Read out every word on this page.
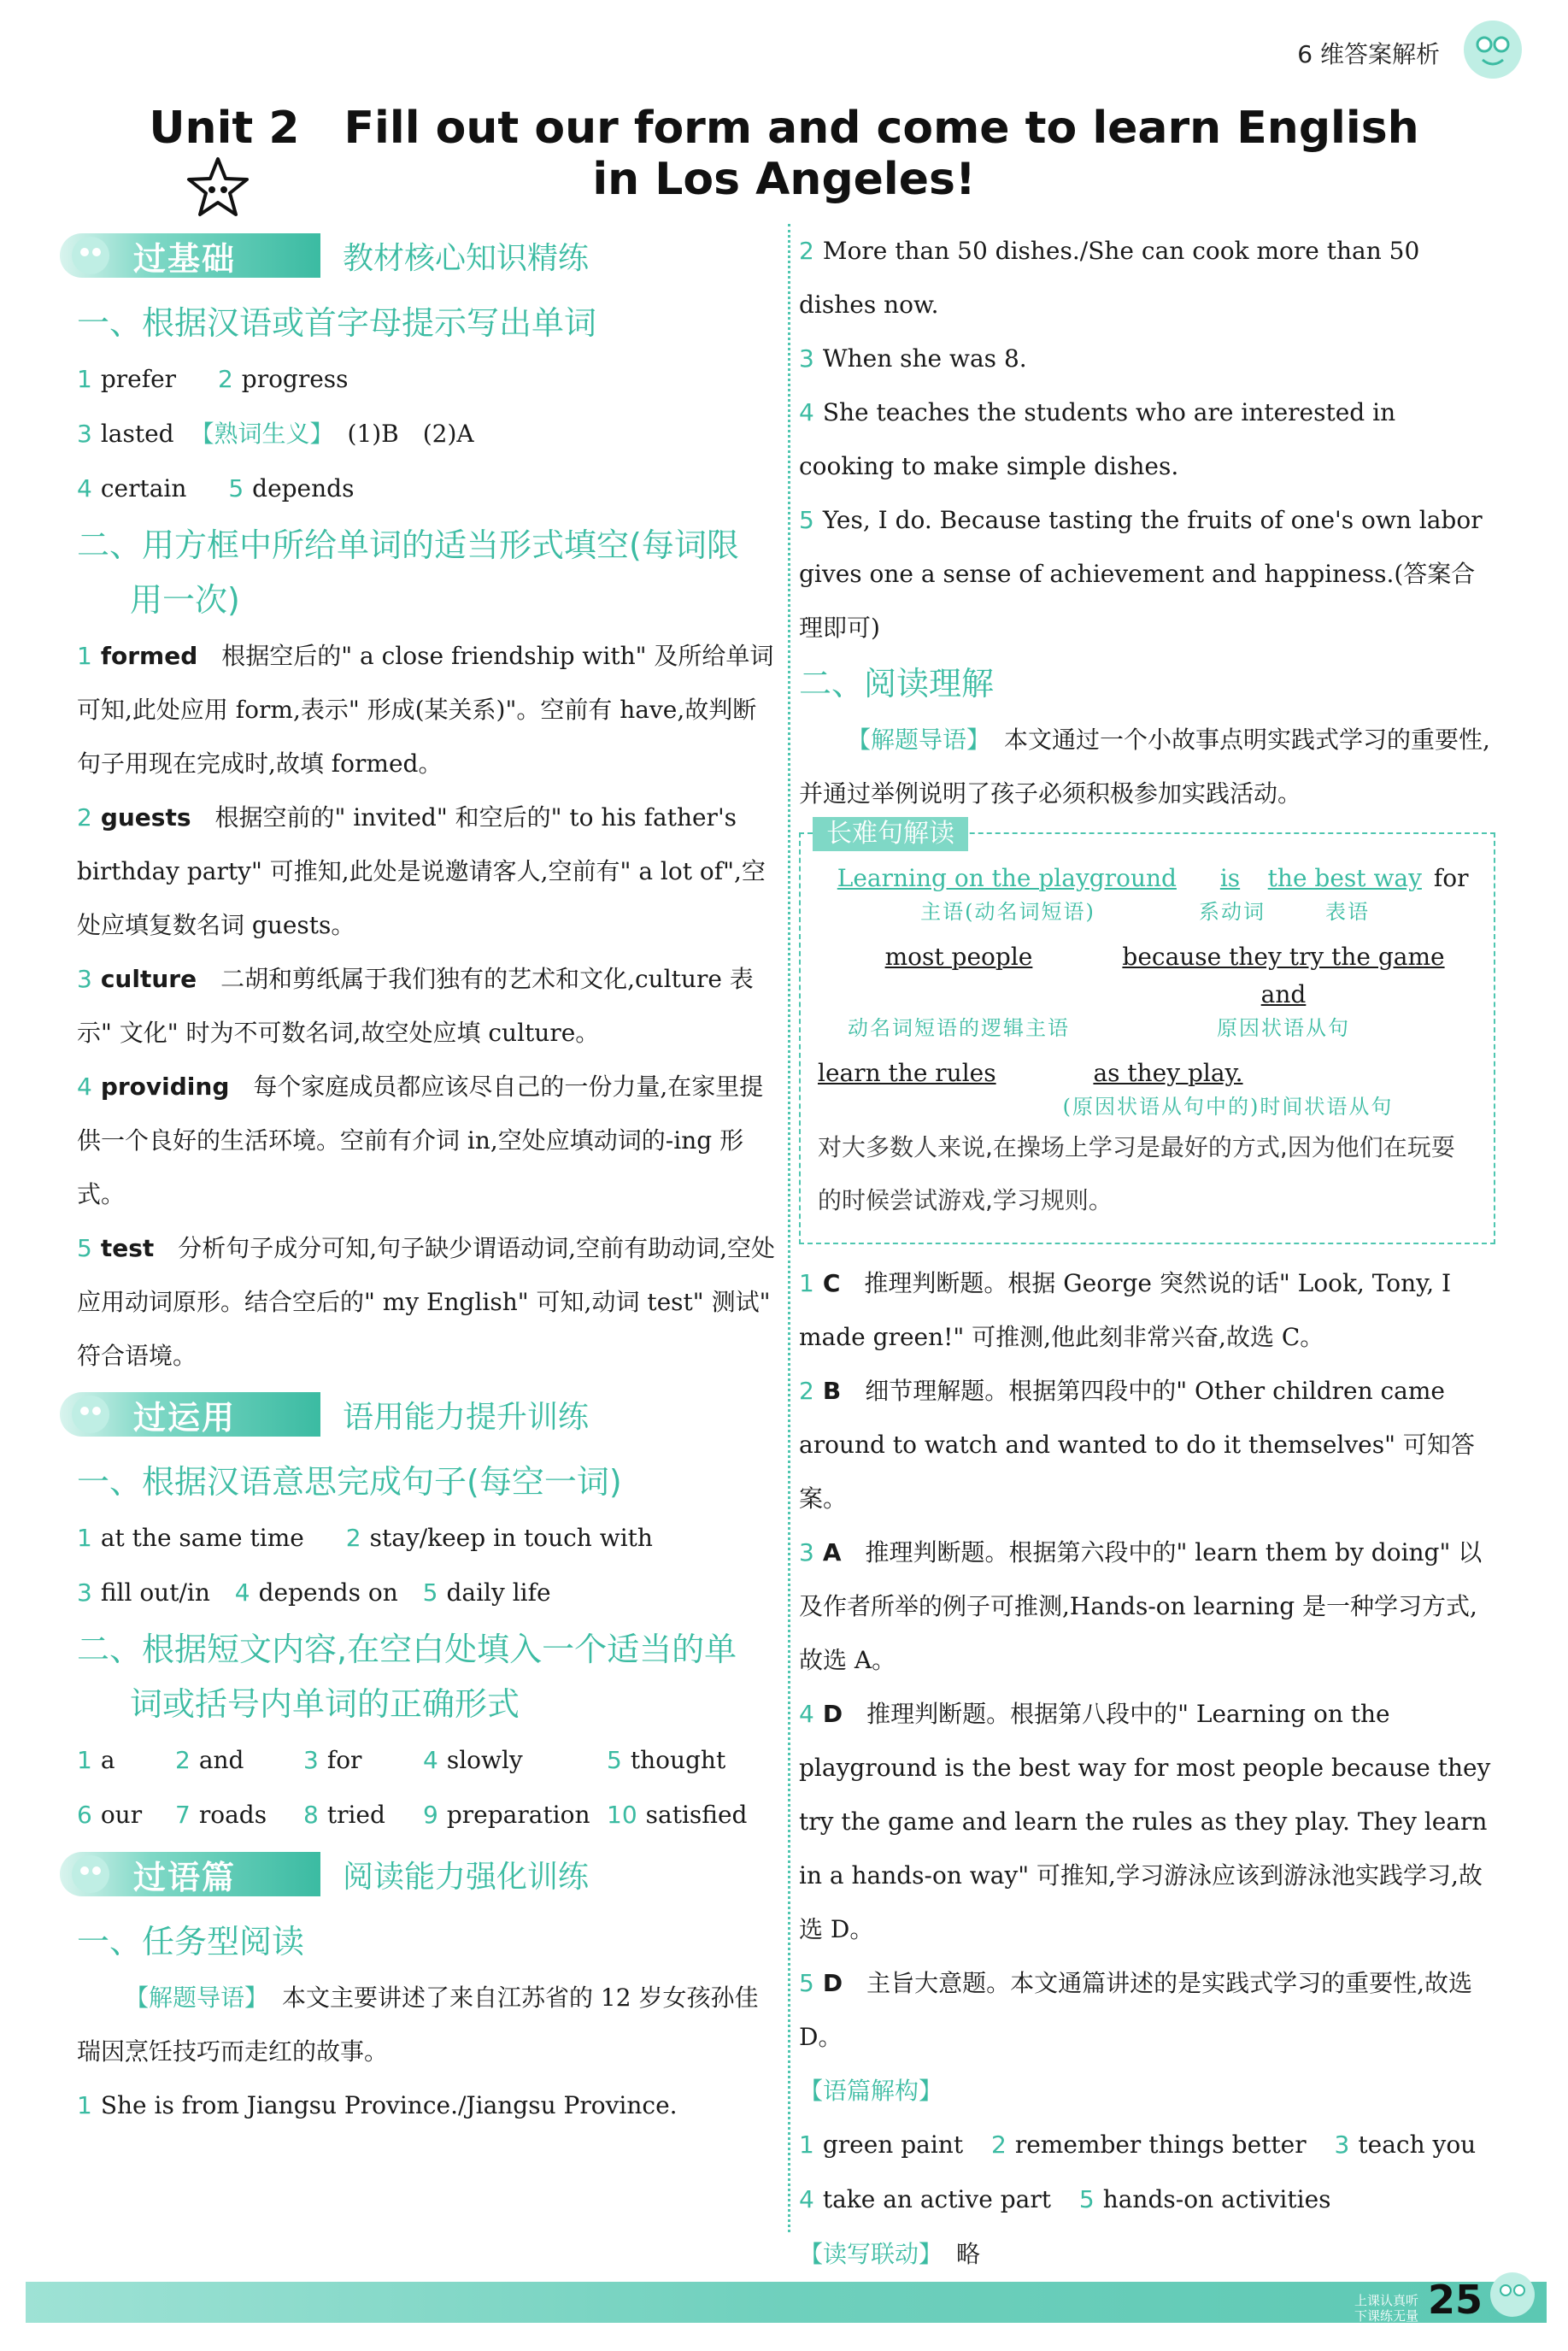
6 维答案解析
Unit 2　Fill out our form and come to learn English
in Los Angeles!
过基础	教材核心知识精练
一、根据汉语或首字母提示写出单词
1 prefer 2 progress
3 lasted 【熟词生义】 (1)B　(2)A
4 certain 5 depends
二、用方框中所给单词的适当形式填空(每词限
用一次)
1 formed　 根据空后的" a close friendship with" 及所给单词可知,此处应用 form,表示" 形成(某关系)"。空前有 have,故判断句子用现在完成时,故填 formed。
2 guests　 根据空前的" invited" 和空后的" to his father's birthday party" 可推知,此处是说邀请客人,空前有" a lot of",空处应填复数名词 guests。
3 culture　 二胡和剪纸属于我们独有的艺术和文化,culture 表示" 文化" 时为不可数名词,故空处应填 culture。
4 providing　 每个家庭成员都应该尽自己的一份力量,在家里提供一个良好的生活环境。空前有介词 in,空处应填动词的-ing 形式。
5 test　 分析句子成分可知,句子缺少谓语动词,空前有助动词,空处应用动词原形。结合空后的" my English" 可知,动词 test" 测试" 符合语境。
过运用	语用能力提升训练
一、根据汉语意思完成句子(每空一词)
1 at the same time 2 stay/keep in touch with
3 fill out/in 4 depends on 5 daily life
二、根据短文内容,在空白处填入一个适当的单
词或括号内单词的正确形式
1 a	2 and	3 for	4 slowly	5 thought
6 our	7 roads	8 tried	9 preparation 10 satisfied
过语篇	阅读能力强化训练
一、任务型阅读
【解题导语】 本文主要讲述了来自江苏省的 12 岁女孩孙佳瑞因烹饪技巧而走红的故事。
1 She is from Jiangsu Province./Jiangsu Province.
2 More than 50 dishes./She can cook more than 50 dishes now.
3 When she was 8.
4 She teaches the students who are interested in cooking to make simple dishes.
5 Yes, I do. Because tasting the fruits of one's own labor gives one a sense of achievement and happiness.(答案合理即可)
二、阅读理解
【解题导语】 本文通过一个小故事点明实践式学习的重要性,并通过举例说明了孩子必须积极参加实践活动。
长难句解读
Learning on the playground	is	the best way for
主语(动名词短语)	系动词	表语
most people	because they try the game and
动名词短语的逻辑主语	原因状语从句
learn the rules	as they play.
(原因状语从句中的)时间状语从句
对大多数人来说,在操场上学习是最好的方式,因为他们在玩耍的时候尝试游戏,学习规则。
1 C　 推理判断题。根据 George 突然说的话" Look, Tony, I made green!" 可推测,他此刻非常兴奋,故选 C。
2 B　 细节理解题。根据第四段中的" Other children came around to watch and wanted to do it themselves" 可知答案。
3 A　 推理判断题。根据第六段中的" learn them by doing" 以及作者所举的例子可推测,Hands-on learning 是一种学习方式,故选 A。
4 D　 推理判断题。根据第八段中的" Learning on the playground is the best way for most people because they try the game and learn the rules as they play. They learn in a hands-on way" 可推知,学习游泳应该到游泳池实践学习,故选 D。
5 D　 主旨大意题。本文通篇讲述的是实践式学习的重要性,故选 D。
【语篇解构】
1 green paint 2 remember things better 3 teach you
4 take an active part 5 hands-on activities
【读写联动】 略
上课认真听
下课练无量 25
